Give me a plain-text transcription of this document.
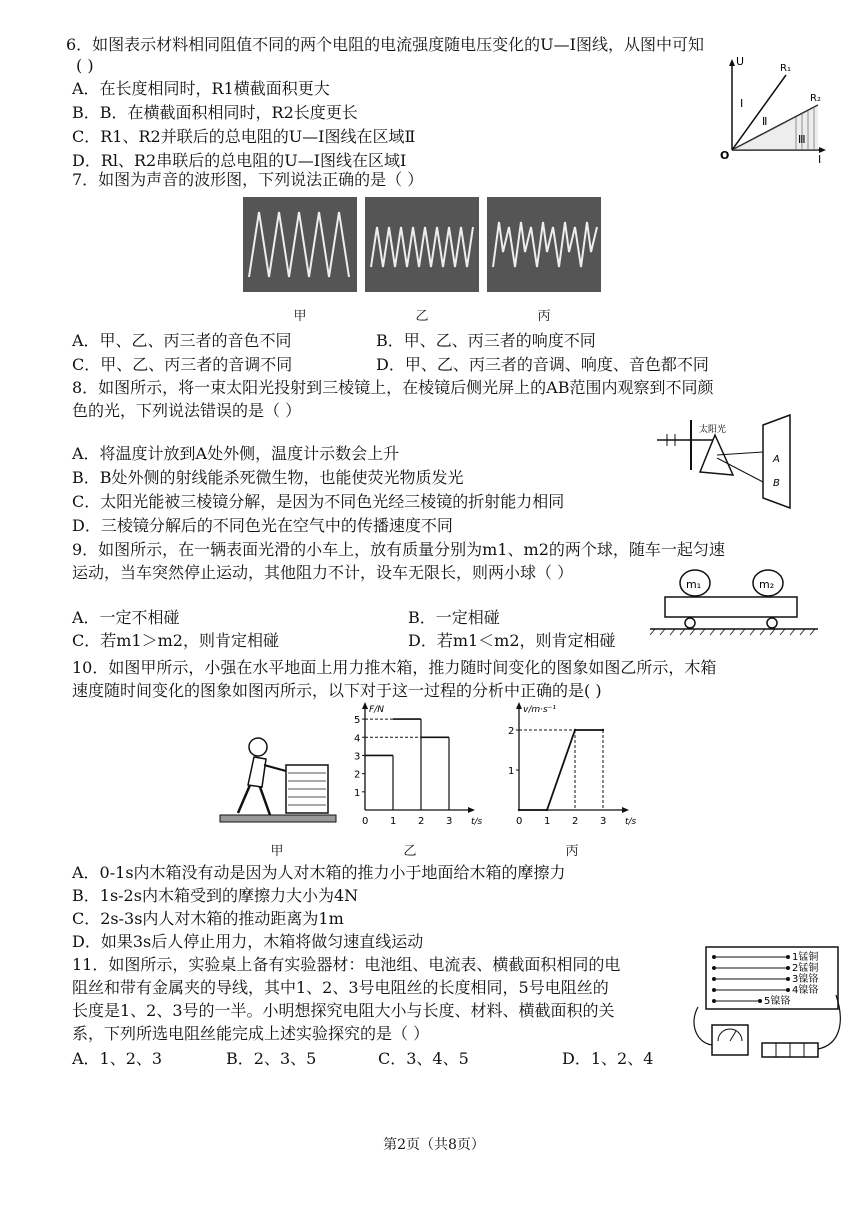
6．如图表示材料相同阻值不同的两个电阻的电流强度随电压变化的U—I图线，从图中可知
( )
A．在长度相同时，R1横截面积更大
B．B．在横截面积相同时，R2长度更长
C．R1、R2并联后的总电阻的U—I图线在区域Ⅱ
D．Rl、R2串联后的总电阻的U—I图线在区域Ⅰ
U
I
O
R₁
R₂
Ⅰ
Ⅱ
Ⅲ
7．如图为声音的波形图，下列说法正确的是（ ）
甲	乙	丙
A．甲、乙、丙三者的音色不同	B．甲、乙、丙三者的响度不同
C．甲、乙、丙三者的音调不同	D．甲、乙、丙三者的音调、响度、音色都不同
8．如图所示，将一束太阳光投射到三棱镜上，在棱镜后侧光屏上的AB范围内观察到不同颜
色的光，下列说法错误的是（ ）
A．将温度计放到A处外侧，温度计示数会上升
B．B处外侧的射线能杀死微生物，也能使荧光物质发光
C．太阳光能被三棱镜分解，是因为不同色光经三棱镜的折射能力相同
D．三棱镜分解后的不同色光在空气中的传播速度不同
太阳光
A
B
9．如图所示，在一辆表面光滑的小车上，放有质量分别为m1、m2的两个球，随车一起匀速
运动，当车突然停止运动，其他阻力不计，设车无限长，则两小球（ ）
A．一定不相碰	B．一定相碰
C．若m1＞m2，则肯定相碰	D．若m1＜m2，则肯定相碰
m₁	m₂
10．如图甲所示，小强在水平地面上用力推木箱，推力随时间变化的图象如图乙所示，木箱
速度随时间变化的图象如图丙所示，以下对于这一过程的分析中正确的是( )
F/N
t/s
0 1 2 3
1
2
3
4
5
v/m·s⁻¹
t/s
0 1 2 3
1
2
甲	乙	丙
A．0-1s内木箱没有动是因为人对木箱的推力小于地面给木箱的摩擦力
B．1s-2s内木箱受到的摩擦力大小为4N
C．2s-3s内人对木箱的推动距离为1m
D．如果3s后人停止用力，木箱将做匀速直线运动
11．如图所示，实验桌上备有实验器材：电池组、电流表、横截面积相同的电
阻丝和带有金属夹的导线，其中1、2、3号电阻丝的长度相同，5号电阻丝的
长度是1、2、3号的一半。小明想探究电阻大小与长度、材料、横截面积的关
系，下列所选电阻丝能完成上述实验探究的是（ ）
A．1、2、3	B．2、3、5	C．3、4、5	D．1、2、4
1锰铜
2锰铜
3镍铬
4镍铬
5镍铬
第2页（共8页）
